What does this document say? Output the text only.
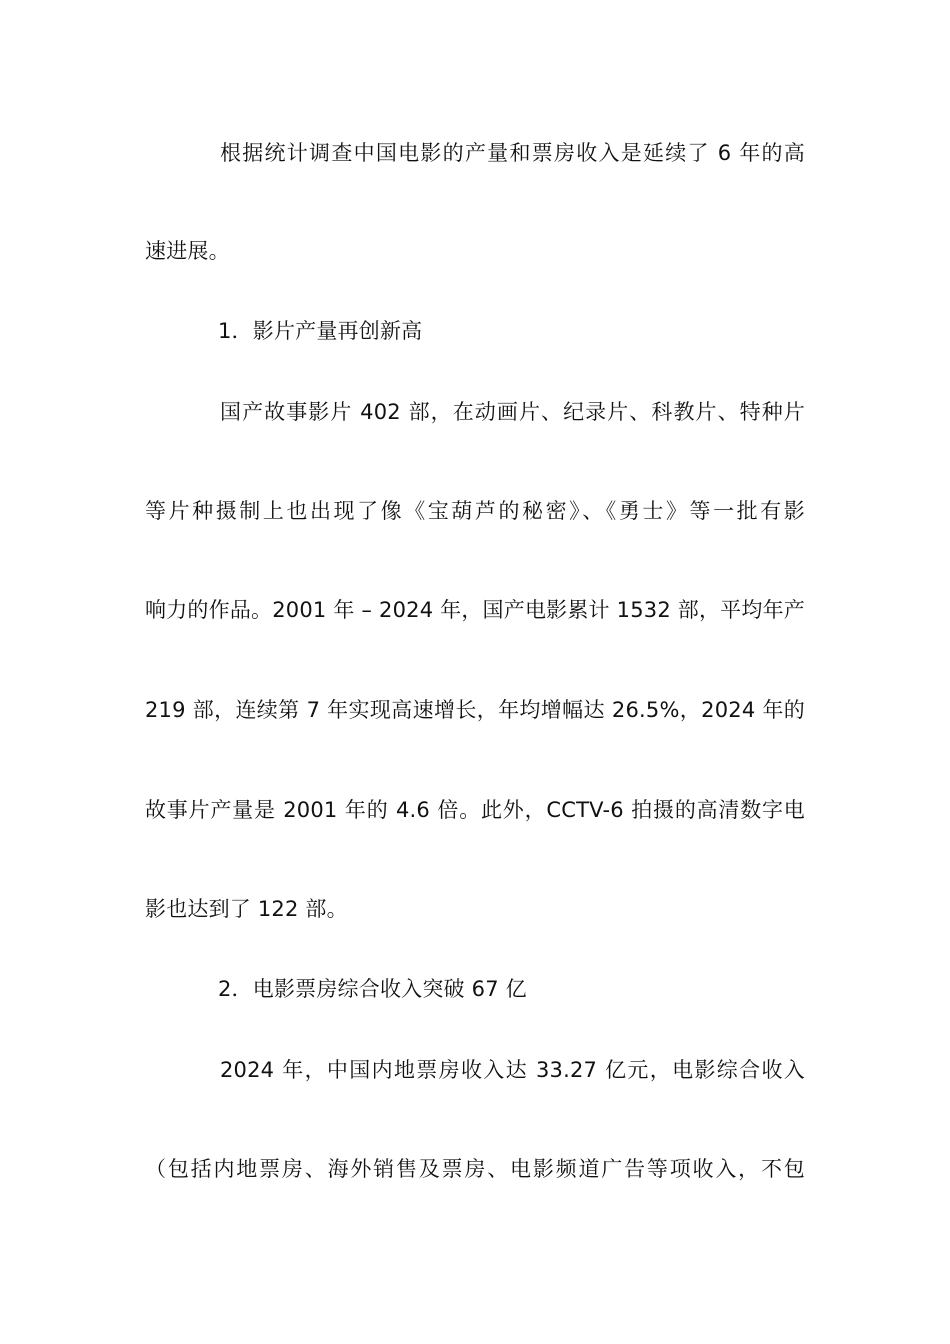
根据统计调查中国电影的产量和票房收入是延续了 6 年的高
速进展。
1．影片产量再创新高
国产故事影片 402 部，在动画片、纪录片、科教片、特种片
等片种摄制上也出现了像《宝葫芦的秘密》、《勇士》等一批有影
响力的作品。2001 年 – 2024 年，国产电影累计 1532 部，平均年产
219 部，连续第 7 年实现高速增长，年均增幅达 26.5%，2024 年的
故事片产量是 2001 年的 4.6 倍。此外，CCTV-6 拍摄的高清数字电
影也达到了 122 部。
2．电影票房综合收入突破 67 亿
2024 年，中国内地票房收入达 33.27 亿元，电影综合收入
（包括内地票房、海外销售及票房、电影频道广告等项收入，不包
